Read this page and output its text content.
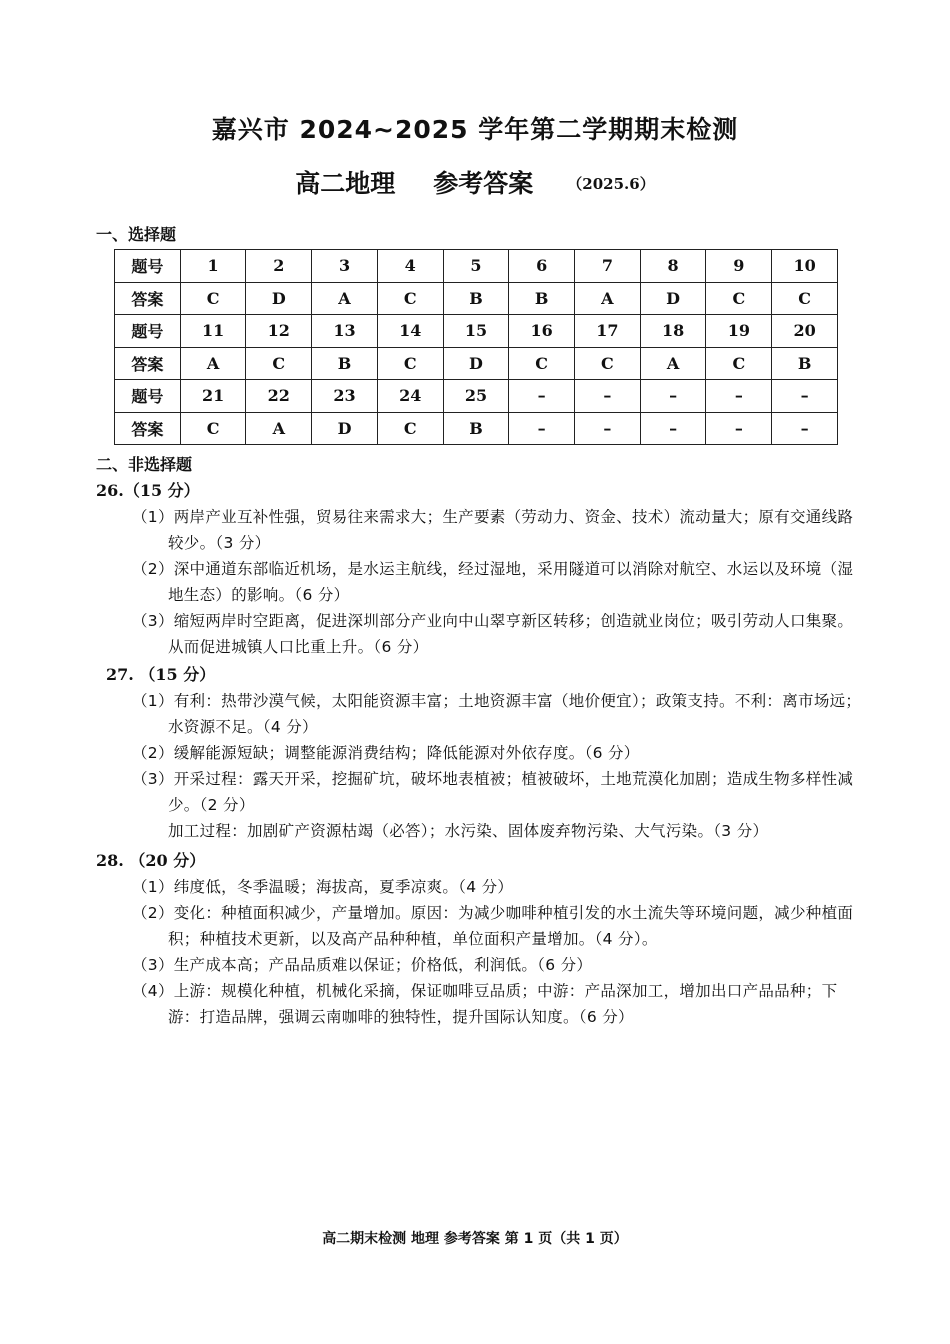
嘉兴市 2024~2025 学年第二学期期末检测
高二地理 参考答案 （2025.6）
一、选择题
题号	1	2	3	4	5	6	7	8	9	10
答案	C	D	A	C	B	B	A	D	C	C
题号	11	12	13	14	15	16	17	18	19	20
答案	A	C	B	C	D	C	C	A	C	B
题号	21	22	23	24	25	–	–	–	–	–
答案	C	A	D	C	B	–	–	–	–	–
二、非选择题
26.（15 分）
（1）两岸产业互补性强，贸易往来需求大；生产要素（劳动力、资金、技术）流动量大；原有交通线路较少。（3 分）
（2）深中通道东部临近机场，是水运主航线，经过湿地，采用隧道可以消除对航空、水运以及环境（湿地生态）的影响。（6 分）
（3）缩短两岸时空距离，促进深圳部分产业向中山翠亨新区转移；创造就业岗位；吸引劳动人口集聚。从而促进城镇人口比重上升。（6 分）
27. （15 分）
（1）有利：热带沙漠气候，太阳能资源丰富；土地资源丰富（地价便宜）；政策支持。不利：离市场远；水资源不足。（4 分）
（2）缓解能源短缺；调整能源消费结构；降低能源对外依存度。（6 分）
（3）开采过程：露天开采，挖掘矿坑，破坏地表植被；植被破坏，土地荒漠化加剧；造成生物多样性减少。（2 分）
加工过程：加剧矿产资源枯竭（必答）；水污染、固体废弃物污染、大气污染。（3 分）
28. （20 分）
（1）纬度低，冬季温暖；海拔高，夏季凉爽。（4 分）
（2）变化：种植面积减少，产量增加。原因：为减少咖啡种植引发的水土流失等环境问题，减少种植面积；种植技术更新，以及高产品种种植，单位面积产量增加。（4 分）。
（3）生产成本高；产品品质难以保证；价格低，利润低。（6 分）
（4）上游：规模化种植，机械化采摘，保证咖啡豆品质；中游：产品深加工，增加出口产品品种；下游：打造品牌，强调云南咖啡的独特性，提升国际认知度。（6 分）
高二期末检测 地理 参考答案 第 1 页（共 1 页）
